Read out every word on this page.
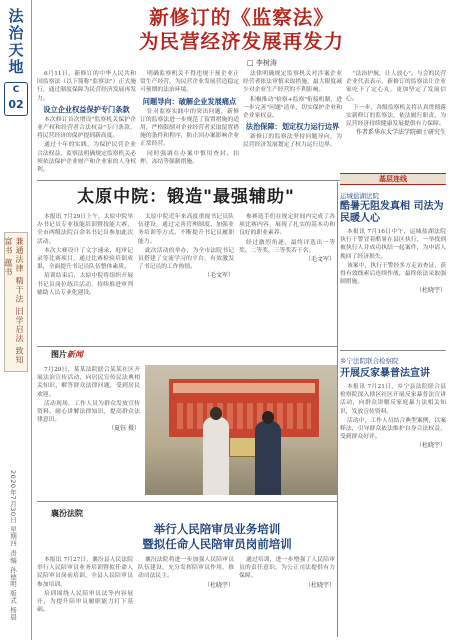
法治天地
C
02
兼通法律 精于法 旧学启法 致知 富书 蕴书
2020年7月30日 星期四 责编 孙德明 版式 杨晨
新修订的《监察法》
为民营经济发展再发力
□ 李树涛

6月11日，新修订的中华人民共和国监察法（以下简称"监察法"）正式施行，通过制度保障为民营经济发展再发力。

设立企业权益保护专门条款

本次修订首次增设"监察机关保护企业产权和经营者合法权益"专门条款，将民营经济的保护提到新高度。

通过十年的实践，为保护民营企业合法权益，监察法明确规定监察机关必须依法保护企业财产和企业家的人身权利。

明确监察机关不得违规干预企业正常生产经营，为民营企业发展营造稳定可预期的法治环境。

问题导向：破解企业发展痛点

针对监察实践中的突出问题，新修订的监察法进一步规范了留置措施的适用，严格限制对企业经营者采取留置措施的条件和程序，防止因办案影响企业正常经营。

同时强调在办案中慎用查封、扣押、冻结等强制措施。

法律明确规定监察机关对涉案企业经营者依法审慎采取措施，最大限度减少对企业生产经营的不利影响。

积极推动"检察+监察"衔接机制，进一步完善"问题"清单，切实保护企业和企业家权益。

法治保障：划定权力运行边界

新修订的监察法坚持问题导向，为民营经济发展划定了权力运行边界。

"法治护航，让人放心"。与会的民营企业代表表示，新修订的监察法让企业家吃下了定心丸，更加坚定了发展信心。

下一步，各级监察机关将认真贯彻落实新修订的监察法，依法履行职责，为民营经济持续健康发展提供有力保障。

作者系华东大学法学院硕士研究生

太原中院：锻造"最强辅助"

本报讯 7月29日上午，太原中院举办书记员专业技能培训暨技能大赛，全市两级法院百余名书记员参加此次活动。

本次大赛设计了文字速录、庭审记录等比赛项目，通过比赛检验培训成果，全面提升书记员队伍整体素质。

培训结束后，太原中院将组织开展书记员岗位练兵活动，持续推进审判辅助人员专业化建设。

太原中院近年来高度重视书记员队伍建设，通过完善管理制度、加强业务培训等方式，不断提升书记员履职能力。

此次活动的举办，为全市法院书记员搭建了交流学习的平台，有效激发了书记员的工作热情。

（毛文军）

参赛选手们在规定时间内完成了各项比赛内容，展现了扎实的基本功和良好的职业素养。

经过激烈角逐，最终评选出一等奖、二等奖、三等奖若干名。

（毛文军）

基层连线
运城盐湖法院
酷暑无阻发真相 司法为民暖人心

本报讯 7月16日中午，运城盐湖法院执行干警冒着酷暑在县区执行，一举找到被执行人并成功执结一起案件，为申请人挽回了经济损失。

该案中，执行干警经多方走访查证，获得有效线索后连续作战，最终依法采取强制措施。

（杜晓宇）

乡宁法院联合检察院
开展反家暴普法宣讲

本报讯 7月21日，乡宁县法院联合县检察院深入辖区社区开展反家暴普法宣讲活动，向群众讲解反家庭暴力法相关知识，发放宣传资料。

活动中，工作人员结合典型案例，以案释法，引导群众依法维护自身合法权益，受到群众好评。

（杜晓宇）

图片新闻

7月29日，某某法院联合某某社区开展法治宣传活动，向居民宣传民法典相关知识，解答群众法律问题，受到居民欢迎。

活动现场，工作人员为群众发放宣传资料，耐心讲解法律知识，提高群众法律意识。

（夏钰 摄）

襄汾法院
举行人民陪审员业务培训
暨拟任命人民陪审员岗前培训

本报讯 7月27日，襄汾县人民法院举行人民陪审员业务培训暨拟任命人民陪审员岗前培训，全县人民陪审员参加培训。

培训围绕人民陪审员法等内容展开，为提升陪审员履职能力打下基础。

襄汾法院将进一步加强人民陪审员队伍建设，充分发挥陪审员作用，推动司法民主。

（杜晓宇）

通过培训，进一步增强了人民陪审员的责任意识，为公正司法提供有力保障。

（杜晓宇）
